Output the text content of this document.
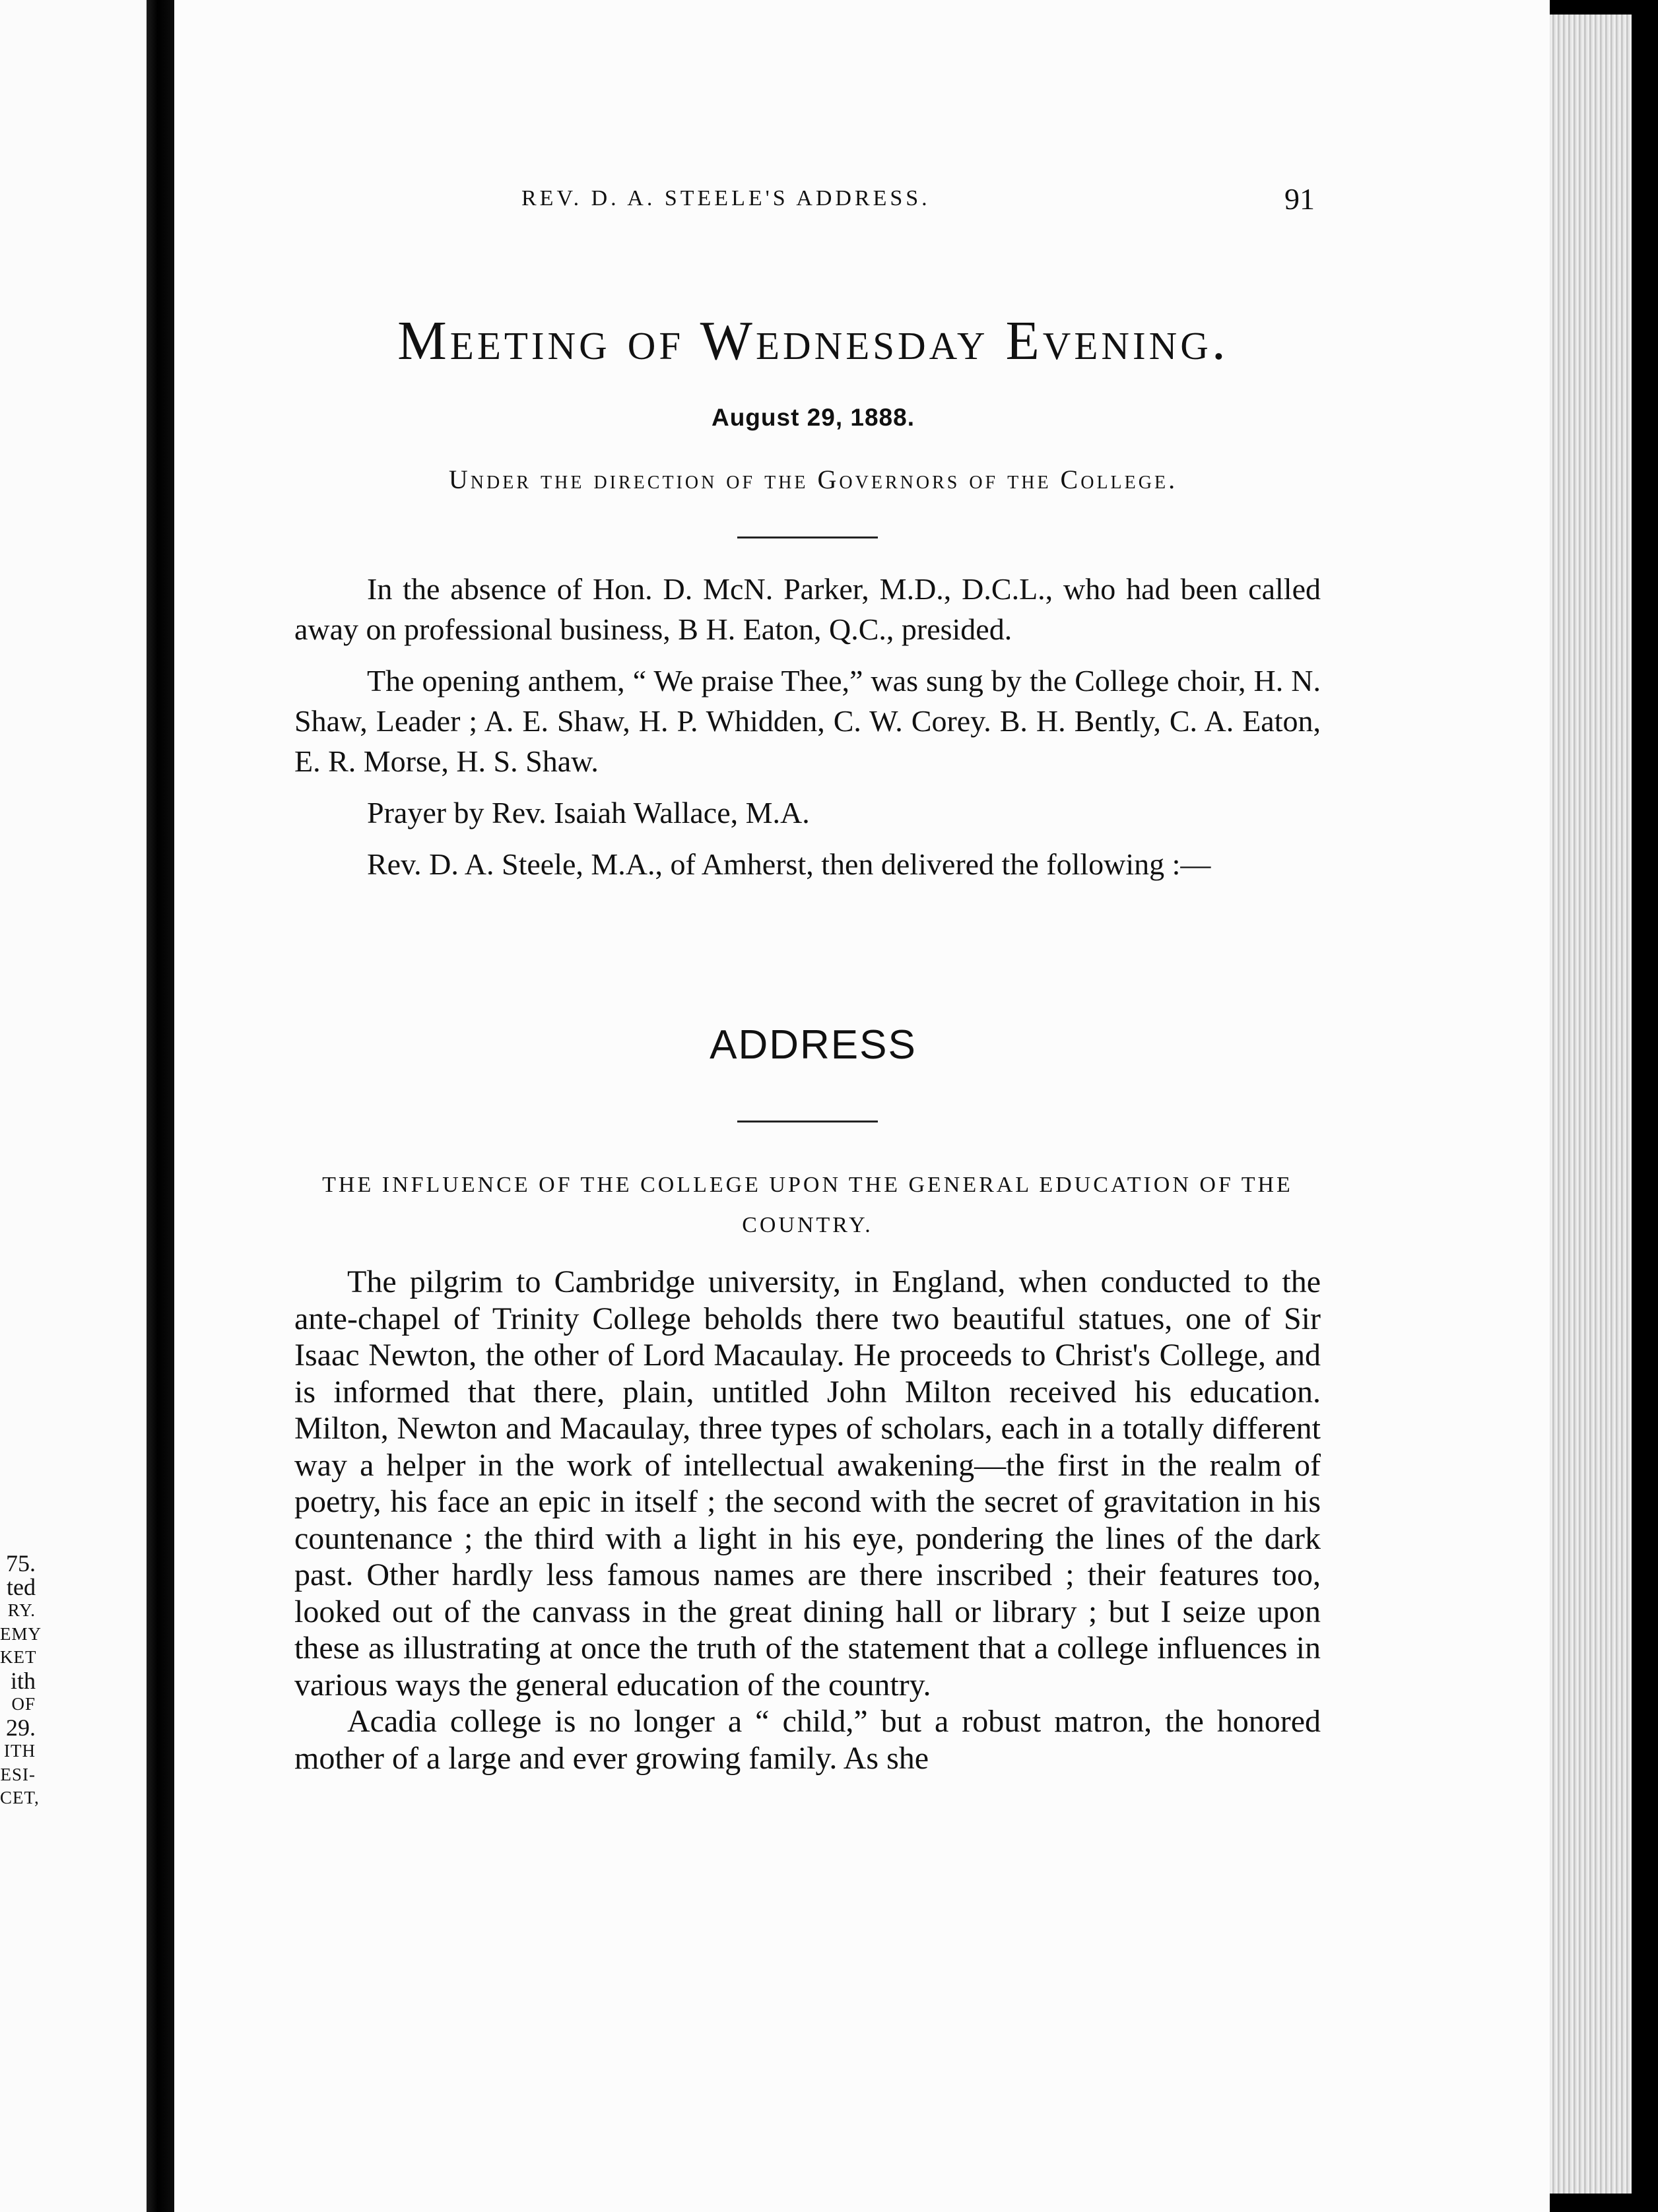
75.
ted
RY.
EMY
KET
ith
OF
29.
ITH
ESI-
CET,
REV. D. A. STEELE'S ADDRESS.	91
Meeting of Wednesday Evening.
August 29, 1888.
Under the direction of the Governors of the College.

In the absence of Hon. D. McN. Parker, M.D., D.C.L., who had been called away on professional business, B H. Eaton, Q.C., presided.

The opening anthem, “ We praise Thee,” was sung by the College choir, H. N. Shaw, Leader ; A. E. Shaw, H. P. Whidden, C. W. Corey. B. H. Bently, C. A. Eaton, E. R. Morse, H. S. Shaw.

Prayer by Rev. Isaiah Wallace, M.A.

Rev. D. A. Steele, M.A., of Amherst, then delivered the following :—

ADDRESS
THE INFLUENCE OF THE COLLEGE UPON THE GENERAL EDUCATION OF THE COUNTRY.

The pilgrim to Cambridge university, in England, when conducted to the ante-chapel of Trinity College beholds there two beautiful statues, one of Sir Isaac Newton, the other of Lord Macaulay. He proceeds to Christ's College, and is informed that there, plain, untitled John Milton received his education. Milton, Newton and Macaulay, three types of scholars, each in a totally different way a helper in the work of intellectual awakening—the first in the realm of poetry, his face an epic in itself ; the second with the secret of gravitation in his countenance ; the third with a light in his eye, pondering the lines of the dark past. Other hardly less famous names are there inscribed ; their features too, looked out of the canvass in the great dining hall or library ; but I seize upon these as illustrating at once the truth of the statement that a college influences in various ways the general education of the country.

Acadia college is no longer a “ child,” but a robust matron, the honored mother of a large and ever growing family. As she
